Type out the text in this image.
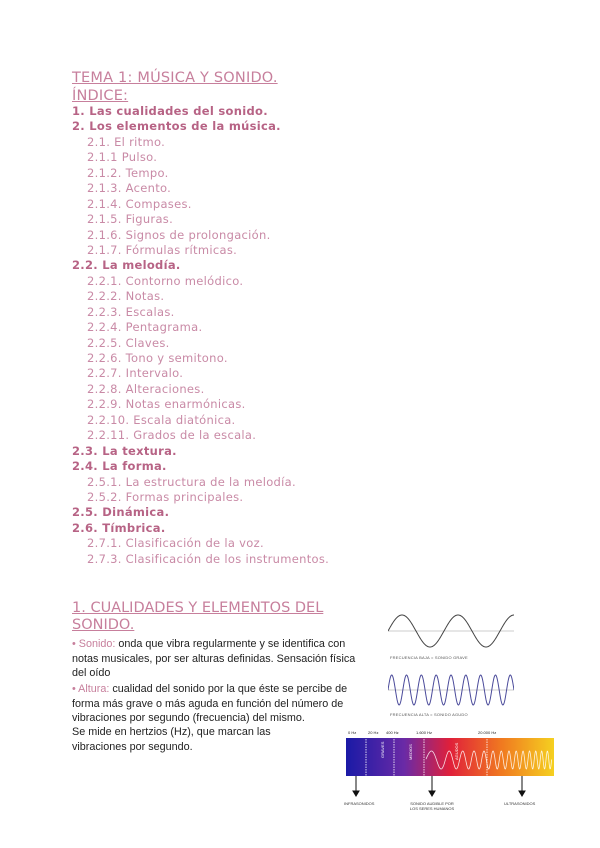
TEMA 1: MÚSICA Y SONIDO.
ÍNDICE:
1. Las cualidades del sonido.
2. Los elementos de la música.
2.1. El ritmo.
2.1.1 Pulso.
2.1.2. Tempo.
2.1.3. Acento.
2.1.4. Compases.
2.1.5. Figuras.
2.1.6. Signos de prolongación.
2.1.7. Fórmulas rítmicas.
2.2. La melodía.
2.2.1. Contorno melódico.
2.2.2. Notas.
2.2.3. Escalas.
2.2.4. Pentagrama.
2.2.5. Claves.
2.2.6. Tono y semitono.
2.2.7. Intervalo.
2.2.8. Alteraciones.
2.2.9. Notas enarmónicas.
2.2.10. Escala diatónica.
2.2.11. Grados de la escala.
2.3. La textura.
2.4. La forma.
2.5.1. La estructura de la melodía.
2.5.2. Formas principales.
2.5. Dinámica.
2.6. Tímbrica.
2.7.1. Clasificación de la voz.
2.7.3. Clasificación de los instrumentos.
1. CUALIDADES Y ELEMENTOS DEL SONIDO.
• Sonido: onda que vibra regularmente y se identifica con notas musicales, por ser alturas definidas. Sensación física del oído
• Altura: cualidad del sonido por la que éste se percibe de forma más grave o más aguda en función del número de vibraciones por segundo (frecuencia) del mismo.
Se mide en hertzios (Hz), que marcan las vibraciones por segundo.
FRECUENCIA BAJA = SONIDO GRAVE
FRECUENCIA ALTA = SONIDO AGUDO
0 Hz	20 Hz 400 Hz	1.600 Hz	20.000 Hz
GRAVES	MEDIOS	AGUDOS
INFRASONIDOS	SONIDO AUDIBLE POR LOS SERES HUMANOS
ULTRASONIDOS
